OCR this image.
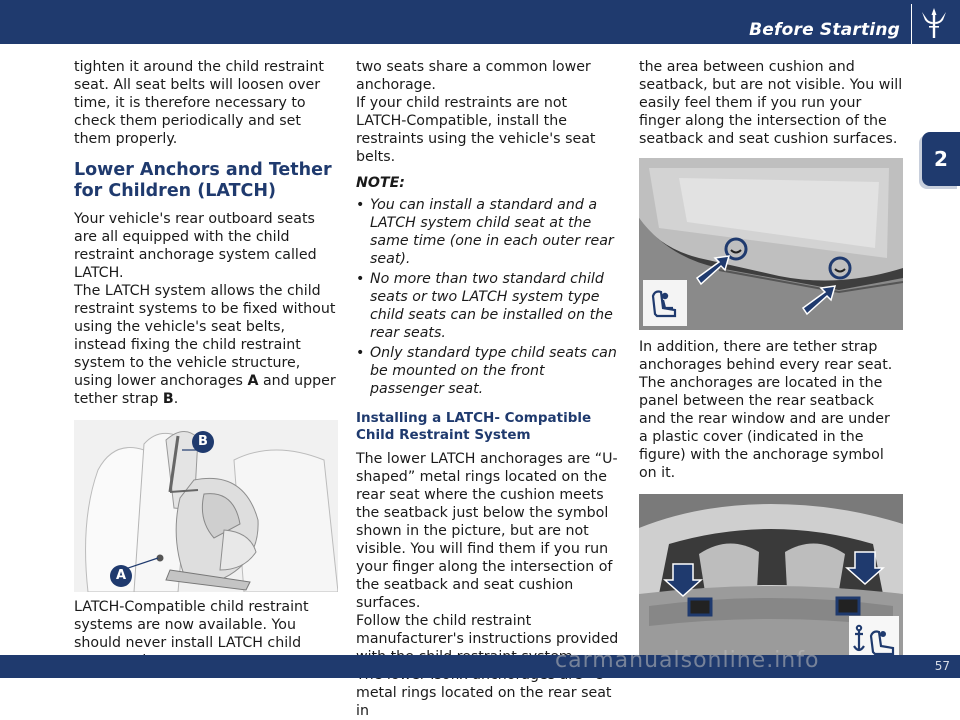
Before Starting
2

tighten it around the child restraint seat. All seat belts will loosen over time, it is therefore necessary to check them periodically and set them properly.

Lower Anchors and Tether for Children (LATCH)

Your vehicle's rear outboard seats are all equipped with the child restraint anchorage system called LATCH.

The LATCH system allows the child restraint systems to be fixed without using the vehicle's seat belts, instead fixing the child restraint system to the vehicle structure, using lower anchorages A and upper tether strap B.

B
A

LATCH-Compatible child restraint systems are now available. You should never install LATCH child

two seats share a common lower anchorage.

If your child restraints are not LATCH-Compatible, install the restraints using the vehicle's seat belts.

NOTE:
• You can install a standard and a LATCH system child seat at the same time (one in each outer rear seat).
• No more than two standard child seats or two LATCH system type child seats can be installed on the rear seats.
• Only standard type child seats can be mounted on the front passenger seat.
Installing a LATCH- Compatible Child Restraint System

The lower LATCH anchorages are “U-shaped” metal rings located on the rear seat where the cushion meets the seatback just below the symbol shown in the picture, but are not visible. You will find them if you run your finger along the intersection of the seatback and seat cushion surfaces.

Follow the child restraint manufacturer's instructions provided

metal rings located on the rear seat in

the area between cushion and seatback, but are not visible. You will easily feel them if you run your finger along the intersection of the seatback and seat cushion surfaces.

In addition, there are tether strap anchorages behind every rear seat. The anchorages are located in the panel between the rear seatback and the rear window and are under a plastic cover (indicated in the figure) with the anchorage symbol on it.

carmanualsonline.info	57
